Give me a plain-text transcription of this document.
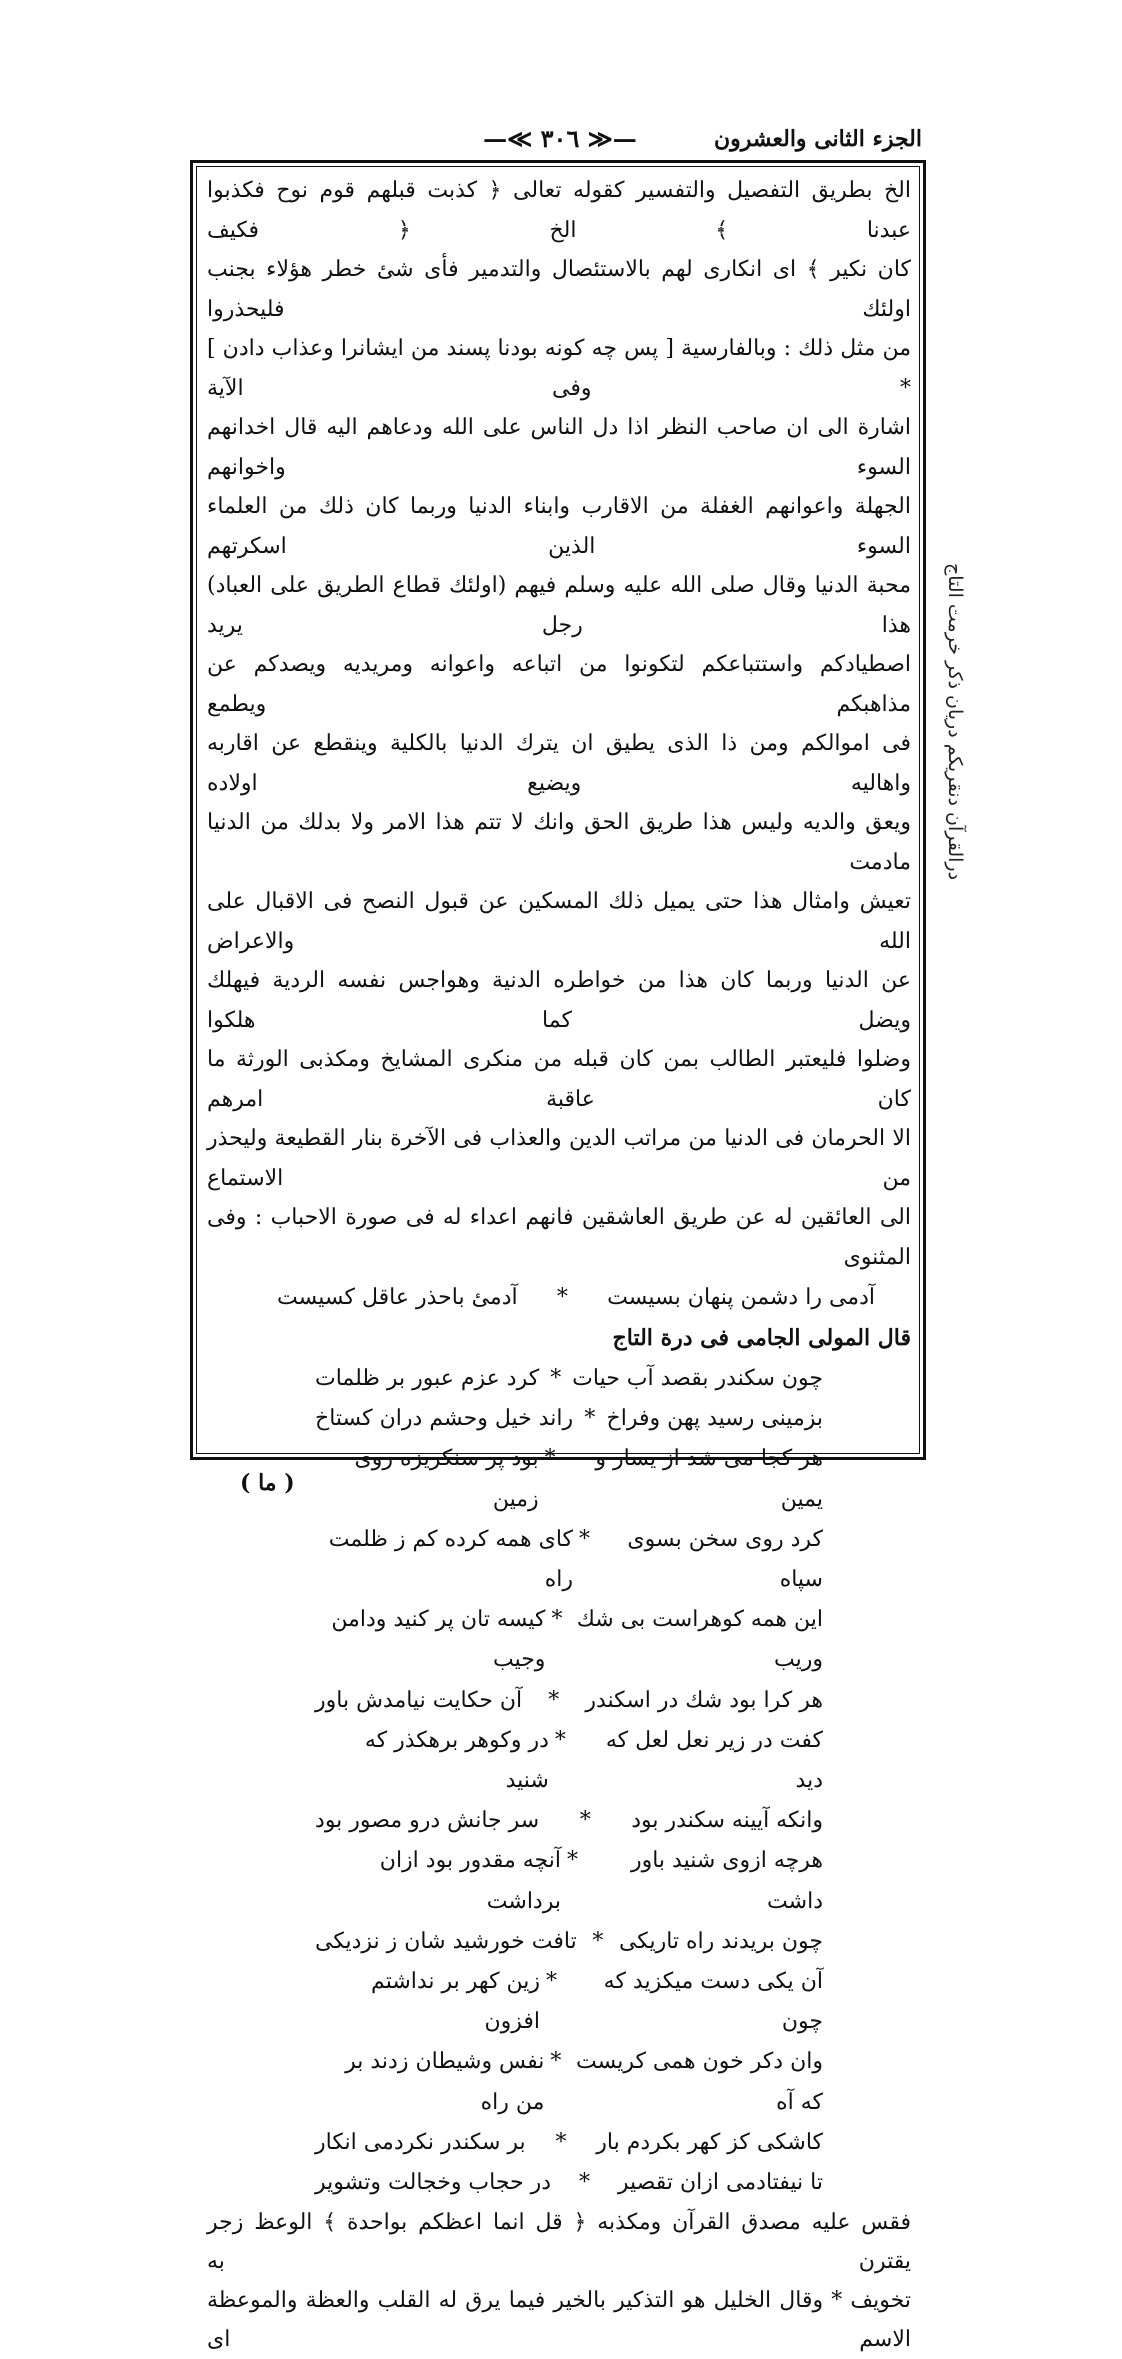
الجزء الثانى والعشرون
—≪ ٣٠٦ ≫—
درالقرآن دنقريكم دريان ذكر خرمت التاج

الخ بطريق التفصيل والتفسير كقوله تعالى ﴿ كذبت قبلهم قوم نوح فكذبوا عبدنا ﴾ الخ ﴿ فكيف

كان نكير ﴾ اى انكارى لهم بالاستئصال والتدمير فأى شئ خطر هؤلاء بجنب اولئك فليحذروا

من مثل ذلك : وبالفارسية [ پس چه كونه بودنا پسند من ايشانرا وعذاب دادن ] * وفى الآية

اشارة الى ان صاحب النظر اذا دل الناس على الله ودعاهم اليه قال اخدانهم السوء واخوانهم

الجهلة واعوانهم الغفلة من الاقارب وابناء الدنيا وربما كان ذلك من العلماء السوء الذين اسكرتهم

محبة الدنيا وقال صلى الله عليه وسلم فيهم (اولئك قطاع الطريق على العباد) هذا رجل يريد

اصطيادكم واستتباعكم لتكونوا من اتباعه واعوانه ومريديه ويصدكم عن مذاهبكم ويطمع

فى اموالكم ومن ذا الذى يطيق ان يترك الدنيا بالكلية وينقطع عن اقاربه واهاليه ويضيع اولاده

ويعق والديه وليس هذا طريق الحق وانك لا تتم هذا الامر ولا بدلك من الدنيا مادمت

تعيش وامثال هذا حتى يميل ذلك المسكين عن قبول النصح فى الاقبال على الله والاعراض

عن الدنيا وربما كان هذا من خواطره الدنية وهواجس نفسه الردية فيهلك ويضل كما هلكوا

وضلوا فليعتبر الطالب بمن كان قبله من منكرى المشايخ ومكذبى الورثة ما كان عاقبة امرهم

الا الحرمان فى الدنيا من مراتب الدين والعذاب فى الآخرة بنار القطيعة وليحذر من الاستماع

الى العائقين له عن طريق العاشقين فانهم اعداء له فى صورة الاحباب : وفى المثنوى

آدمى را دشمن پنهان بسيست
*
آدمئ باحذر عاقل كسيست
قال المولى الجامى فى درة التاج
چون سكندر بقصد آب حيات
*
كرد عزم عبور بر ظلمات
بزمينى رسيد پهن وفراخ
*
راند خيل وحشم دران كستاخ
هر كجا مى شد از يسار و يمين
*
بود پر سنكريزه روى زمين
كرد روى سخن بسوى سپاه
*
كاى همه كرده كم ز ظلمت راه
اين همه كوهراست بى شك وريب
*
كيسه تان پر كنيد ودامن وجيب
هر كرا بود شك در اسكندر
*
آن حكايت نيامدش باور
كفت در زير نعل لعل كه ديد
*
در وكوهر برهكذر كه شنيد
وانكه آيينه سكندر بود
*
سر جانش درو مصور بود
هرچه ازوى شنيد باور داشت
*
آنچه مقدور بود ازان برداشت
چون بريدند راه تاريكى
*
تافت خورشيد شان ز نزديكى
آن يكى دست ميكزيد كه چون
*
زين كهر بر نداشتم افزون
وان دكر خون همى كريست كه آه
*
نفس وشيطان زدند بر من راه
كاشكى كز كهر بكردم بار
*
بر سكندر نكردمى انكار
تا نيفتادمى ازان تقصير
*
در حجاب وخجالت وتشوير

فقس عليه مصدق القرآن ومكذبه ﴿ قل انما اعظكم بواحدة ﴾ الوعظ زجر يقترن به

تخويف * وقال الخليل هو التذكير بالخير فيما يرق له القلب والعظة والموعظة الاسم اى

( ما )
